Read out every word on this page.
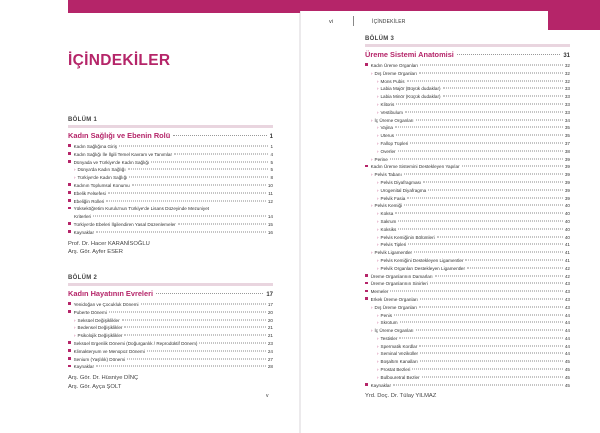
vi	İÇİNDEKİLER
İÇİNDEKİLER
BÖLÜM 1
Kadın Sağlığı ve Ebenin Rolü	1
Kadın Sağlığına Giriş	1
Kadın Sağlığı İle İlgili Temel Kavram ve Tanımlar	4
Dünyada ve Türkiye'de Kadın Sağlığı	5
› Dünya'da Kadın Sağlığı	5
› Türkiye'de Kadın Sağlığı	8
Kadının Toplumsal Konumu	10
Ebelik Felsefesi	11
Ebeliğin Rolleri	12
Yükseköğretim Kurulu'nun Türkiye'de Lisans Düzeyinde Mezuniyet
Kriterleri	14
Türkiye'de Ebeleri İlgilendiren Yasal Düzenlemeler	15
Kaynaklar	16
Prof. Dr. Hacer KARANİSOĞLU
Arş. Gör. Ayfer ESER
BÖLÜM 2
Kadın Hayatının Evreleri	17
Yenidoğan ve Çocukluk Dönemi	17
Puberte Dönemi	20
› Seksüel Değişiklikler	20
› Bedensel Değişiklikler	21
› Psikolojik Değişiklikler	21
Seksüel Ergenlik Dönemi (Doğurganlık / Reprodüktif Dönem)	23
Klimakteryum ve Menopoz Dönemi	24
Senium (Yaşlılık) Dönemi	27
Kaynaklar	28
Arş. Gör. Dr. Hüsniye DİNÇ
Arş. Gör. Ayça ŞOLT
BÖLÜM 3
Üreme Sistemi Anatomisi	31
Kadın Üreme Organları	32
› Dış Üreme Organları	32
› Mons Pubis	32
› Labia Majör (Büyük dudaklar)	33
› Labia Minör (Küçük dudaklar)	33
› Klitoris	33
› Vestibulum	33
› İç Üreme Organları	34
› Vajina	35
› Uterus	35
› Fallop Tüpleri	37
› Overler	38
› Perine	39
Kadın Üreme Sistemini Destekleyen Yapılar	39
› Pelvis Tabanı	39
› Pelvis Diyafragması	39
› Urogenital Diyafragma	39
› Pelvik Fasia	39
› Pelvis Kemiği	40
› Koksa	40
› Sakrum	40
› Koksiks	40
› Pelvis Kemiğinin Bölümleri	40
› Pelvis Tipleri	41
› Pelvik Ligamentler	41
› Pelvis Kemiğini Destekleyen Ligamentler	41
› Pelvik Organları Destekleyen Ligamentler	42
Üreme Organlarının Damarları	42
Üreme Organlarının Sinirleri	43
Memeler	43
Erkek Üreme Organları	43
› Dış Üreme Organları	43
› Penis	44
› Skrotum	44
› İç Üreme Organları	44
› Testisler	44
› Spermatik Kordlar	44
› Seminal Veziküller	44
› Boşaltım Kanalları	45
› Prostat Bezleri	45
› Bulbouretral Bezler	45
Kaynaklar	45
Yrd. Doç. Dr. Tülay YILMAZ
v
